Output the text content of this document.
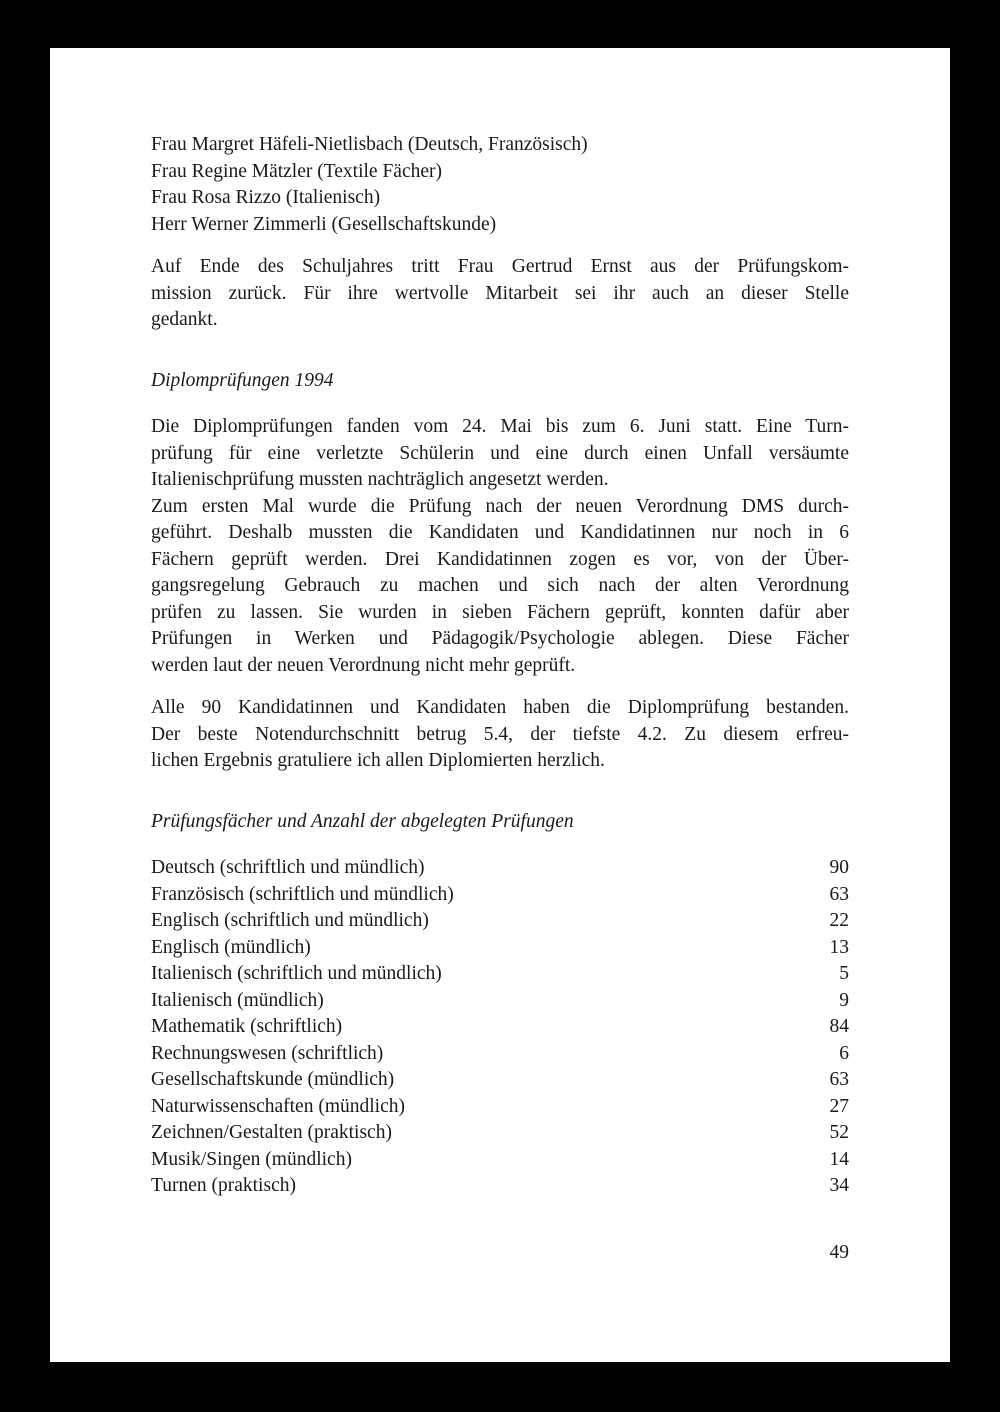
Frau Margret Häfeli-Nietlisbach (Deutsch, Französisch)
Frau Regine Mätzler (Textile Fächer)
Frau Rosa Rizzo (Italienisch)
Herr Werner Zimmerli (Gesellschaftskunde)
Auf Ende des Schuljahres tritt Frau Gertrud Ernst aus der Prüfungskom-
mission zurück. Für ihre wertvolle Mitarbeit sei ihr auch an dieser Stelle
gedankt.
Diplomprüfungen 1994
Die Diplomprüfungen fanden vom 24. Mai bis zum 6. Juni statt. Eine Turn-
prüfung für eine verletzte Schülerin und eine durch einen Unfall versäumte
Italienischprüfung mussten nachträglich angesetzt werden.
Zum ersten Mal wurde die Prüfung nach der neuen Verordnung DMS durch-
geführt. Deshalb mussten die Kandidaten und Kandidatinnen nur noch in 6
Fächern geprüft werden. Drei Kandidatinnen zogen es vor, von der Über-
gangsregelung Gebrauch zu machen und sich nach der alten Verordnung
prüfen zu lassen. Sie wurden in sieben Fächern geprüft, konnten dafür aber
Prüfungen in Werken und Pädagogik/Psychologie ablegen. Diese Fächer
werden laut der neuen Verordnung nicht mehr geprüft.
Alle 90 Kandidatinnen und Kandidaten haben die Diplomprüfung bestanden.
Der beste Notendurchschnitt betrug 5.4, der tiefste 4.2. Zu diesem erfreu-
lichen Ergebnis gratuliere ich allen Diplomierten herzlich.
Prüfungsfächer und Anzahl der abgelegten Prüfungen
Deutsch (schriftlich und mündlich)	90
Französisch (schriftlich und mündlich)	63
Englisch (schriftlich und mündlich)	22
Englisch (mündlich)	13
Italienisch (schriftlich und mündlich)	5
Italienisch (mündlich)	9
Mathematik (schriftlich)	84
Rechnungswesen (schriftlich)	6
Gesellschaftskunde (mündlich)	63
Naturwissenschaften (mündlich)	27
Zeichnen/Gestalten (praktisch)	52
Musik/Singen (mündlich)	14
Turnen (praktisch)	34
49
